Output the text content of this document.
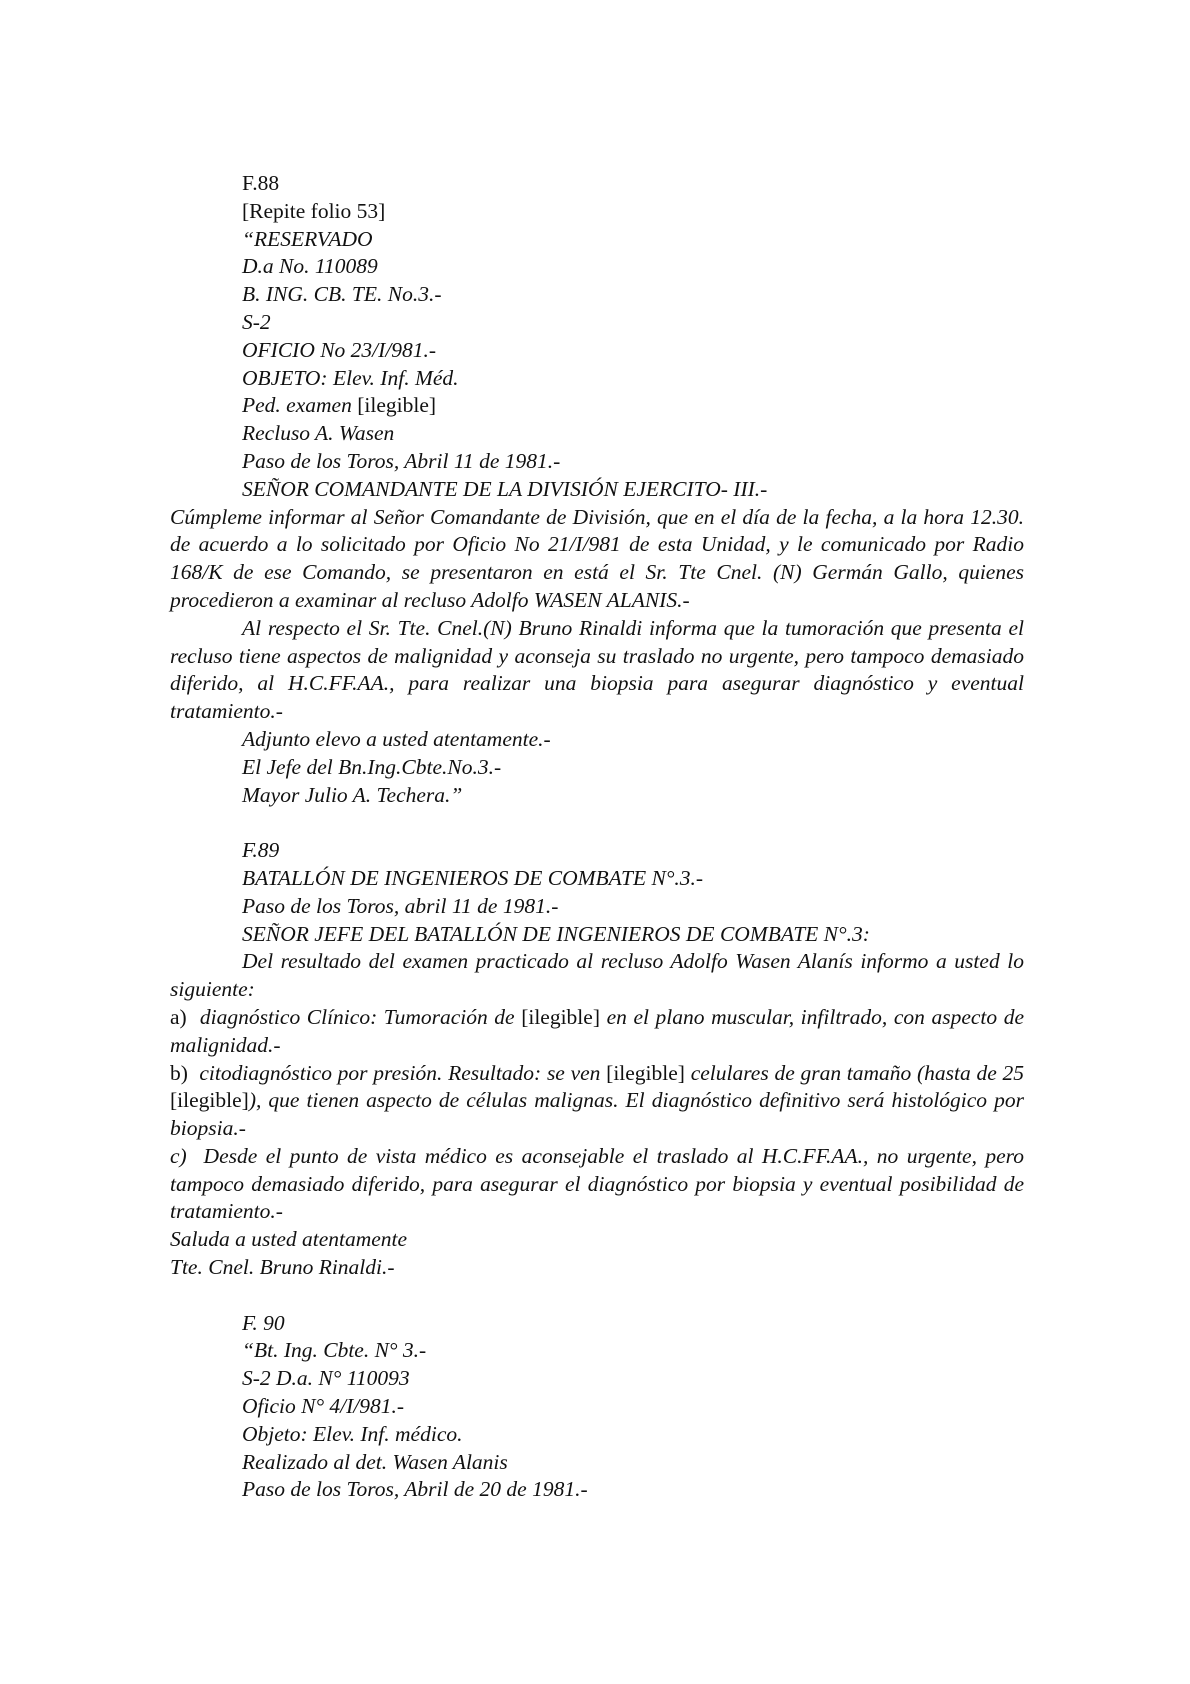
F.88

[Repite folio 53]

“RESERVADO

D.a No. 110089

B. ING. CB. TE. No.3.-

S-2

OFICIO No 23/I/981.-

OBJETO: Elev. Inf. Méd.

Ped. examen [ilegible]

Recluso A. Wasen

Paso de los Toros, Abril 11 de 1981.-

SEÑOR COMANDANTE DE LA DIVISIÓN EJERCITO- III.-

Cúmpleme informar al Señor Comandante de División, que en el día de la fecha, a la hora 12.30. de acuerdo a lo solicitado por Oficio No 21/I/981 de esta Unidad, y le comunicado por Radio 168/K de ese Comando, se presentaron en está el Sr. Tte Cnel. (N) Germán Gallo, quienes procedieron a examinar al recluso Adolfo WASEN ALANIS.-

Al respecto el Sr. Tte. Cnel.(N) Bruno Rinaldi informa que la tumoración que presenta el recluso tiene aspectos de malignidad y aconseja su traslado no urgente, pero tampoco demasiado diferido, al H.C.FF.AA., para realizar una biopsia para asegurar diagnóstico y eventual tratamiento.-

Adjunto elevo a usted atentamente.-

El Jefe del Bn.Ing.Cbte.No.3.-

Mayor Julio A. Techera.”

F.89

BATALLÓN DE INGENIEROS DE COMBATE N°.3.-

Paso de los Toros, abril 11 de 1981.-

SEÑOR JEFE DEL BATALLÓN DE INGENIEROS DE COMBATE N°.3:

Del resultado del examen practicado al recluso Adolfo Wasen Alanís informo a usted lo siguiente:

a) diagnóstico Clínico: Tumoración de [ilegible] en el plano muscular, infiltrado, con aspecto de malignidad.-

b) citodiagnóstico por presión. Resultado: se ven [ilegible] celulares de gran tamaño (hasta de 25 [ilegible]), que tienen aspecto de células malignas. El diagnóstico definitivo será histológico por biopsia.-

c) Desde el punto de vista médico es aconsejable el traslado al H.C.FF.AA., no urgente, pero tampoco demasiado diferido, para asegurar el diagnóstico por biopsia y eventual posibilidad de tratamiento.-

Saluda a usted atentamente

Tte. Cnel. Bruno Rinaldi.-

F. 90

“Bt. Ing. Cbte. N° 3.-

S-2 D.a. N° 110093

Oficio N° 4/I/981.-

Objeto: Elev. Inf. médico.

Realizado al det. Wasen Alanis

Paso de los Toros, Abril de 20 de 1981.-
